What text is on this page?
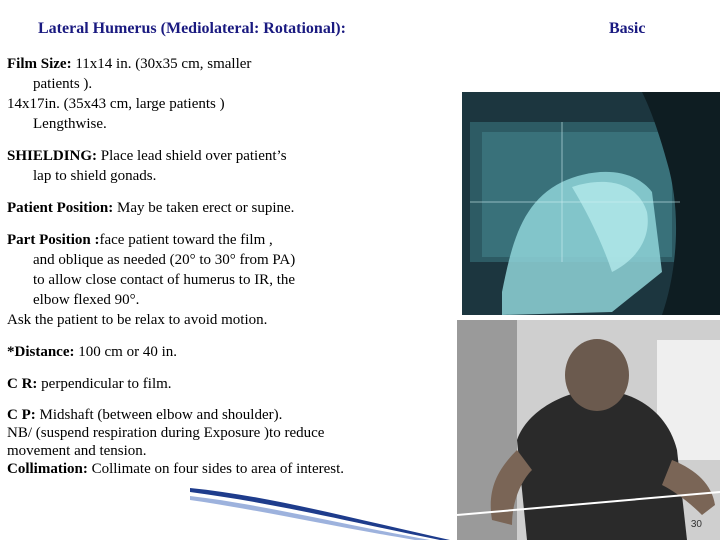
Lateral Humerus (Mediolateral: Rotational):	Basic
Film Size: 11x14 in. (30x35 cm, smaller
patients ).
14x17in. (35x43 cm, large patients )
Lengthwise.
SHIELDING: Place lead shield over patient’s
lap to shield gonads.
Patient Position: May be taken erect or supine.
Part Position :face patient toward the film ,
and oblique as needed (20° to 30° from PA)
to allow close contact of humerus to IR, the
elbow flexed 90°.
Ask the patient to be relax to avoid motion.
*Distance: 100 cm or 40 in.
C R: perpendicular to film.
C P: Midshaft (between elbow and shoulder).
NB/ (suspend respiration during Exposure )to reduce
movement and tension.
Collimation: Collimate on four sides to area of interest.
30
